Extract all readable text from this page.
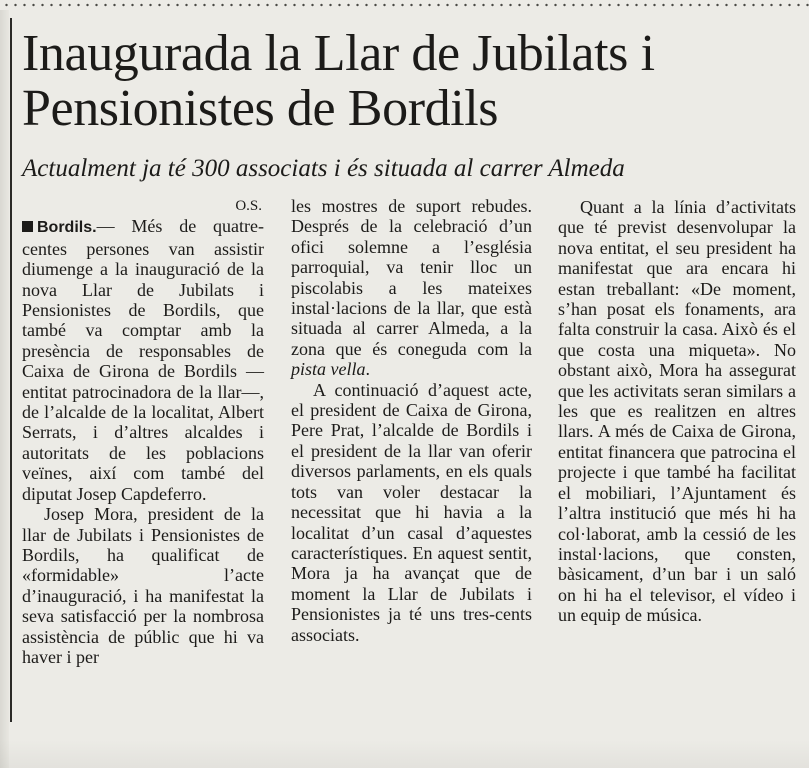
Inaugurada la Llar de Jubilats i Pensionistes de Bordils
Actualment ja té 300 associats i és situada al carrer Almeda
O.S.

Bordils.— Més de quatre-centes persones van assistir diumenge a la inauguració de la nova Llar de Jubilats i Pensionistes de Bordils, que també va comptar amb la presència de responsables de Caixa de Girona de Bordils —entitat patrocinadora de la llar—, de l’alcalde de la localitat, Albert Serrats, i d’altres alcaldes i autoritats de les poblacions veïnes, així com també del diputat Josep Capdeferro.

Josep Mora, president de la llar de Jubilats i Pensionistes de Bordils, ha qualificat de «formidable» l’acte d’inauguració, i ha manifestat la seva satisfacció per la nombrosa assistència de públic que hi va haver i per

les mostres de suport rebudes. Després de la celebració d’un ofici solemne a l’església parroquial, va tenir lloc un piscolabis a les mateixes instal·lacions de la llar, que està situada al carrer Almeda, a la zona que és coneguda com la pista vella.

A continuació d’aquest acte, el president de Caixa de Girona, Pere Prat, l’alcalde de Bordils i el president de la llar van oferir diversos parlaments, en els quals tots van voler destacar la necessitat que hi havia a la localitat d’un casal d’aquestes característiques. En aquest sentit, Mora ja ha avançat que de moment la Llar de Jubilats i Pensionistes ja té uns tres-cents associats.

Quant a la línia d’activitats que té previst desenvolupar la nova entitat, el seu president ha manifestat que ara encara hi estan treballant: «De moment, s’han posat els fonaments, ara falta construir la casa. Això és el que costa una miqueta». No obstant això, Mora ha assegurat que les activitats seran similars a les que es realitzen en altres llars. A més de Caixa de Girona, entitat financera que patrocina el projecte i que també ha facilitat el mobiliari, l’Ajuntament és l’altra institució que més hi ha col·laborat, amb la cessió de les instal·lacions, que consten, bàsicament, d’un bar i un saló on hi ha el televisor, el vídeo i un equip de música.
